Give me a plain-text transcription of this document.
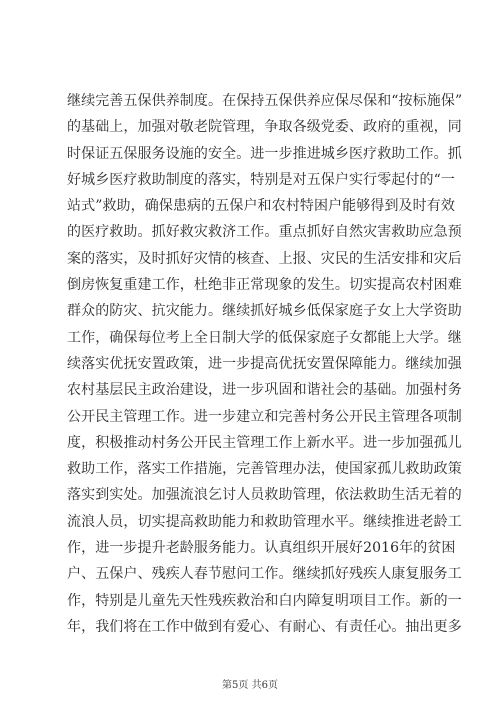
继续完善五保供养制度。在保持五保供养应保尽保和“按标施保”
的基础上，加强对敬老院管理，争取各级党委、政府的重视，同
时保证五保服务设施的安全。进一步推进城乡医疗救助工作。抓
好城乡医疗救助制度的落实，特别是对五保户实行零起付的“一
站式”救助，确保患病的五保户和农村特困户能够得到及时有效
的医疗救助。抓好救灾救济工作。重点抓好自然灾害救助应急预
案的落实，及时抓好灾情的核查、上报、灾民的生活安排和灾后
倒房恢复重建工作，杜绝非正常现象的发生。切实提高农村困难
群众的防灾、抗灾能力。继续抓好城乡低保家庭子女上大学资助
工作，确保每位考上全日制大学的低保家庭子女都能上大学。继
续落实优抚安置政策，进一步提高优抚安置保障能力。继续加强
农村基层民主政治建设，进一步巩固和谐社会的基础。加强村务
公开民主管理工作。进一步建立和完善村务公开民主管理各项制
度，积极推动村务公开民主管理工作上新水平。进一步加强孤儿
救助工作，落实工作措施，完善管理办法，使国家孤儿救助政策
落实到实处。加强流浪乞讨人员救助管理，依法救助生活无着的
流浪人员，切实提高救助能力和救助管理水平。继续推进老龄工
作，进一步提升老龄服务能力。认真组织开展好2016年的贫困
户、五保户、残疾人春节慰问工作。继续抓好残疾人康复服务工
作，特别是儿童先天性残疾救治和白内障复明项目工作。新的一
年，我们将在工作中做到有爱心、有耐心、有责任心。抽出更多
第5页 共6页
